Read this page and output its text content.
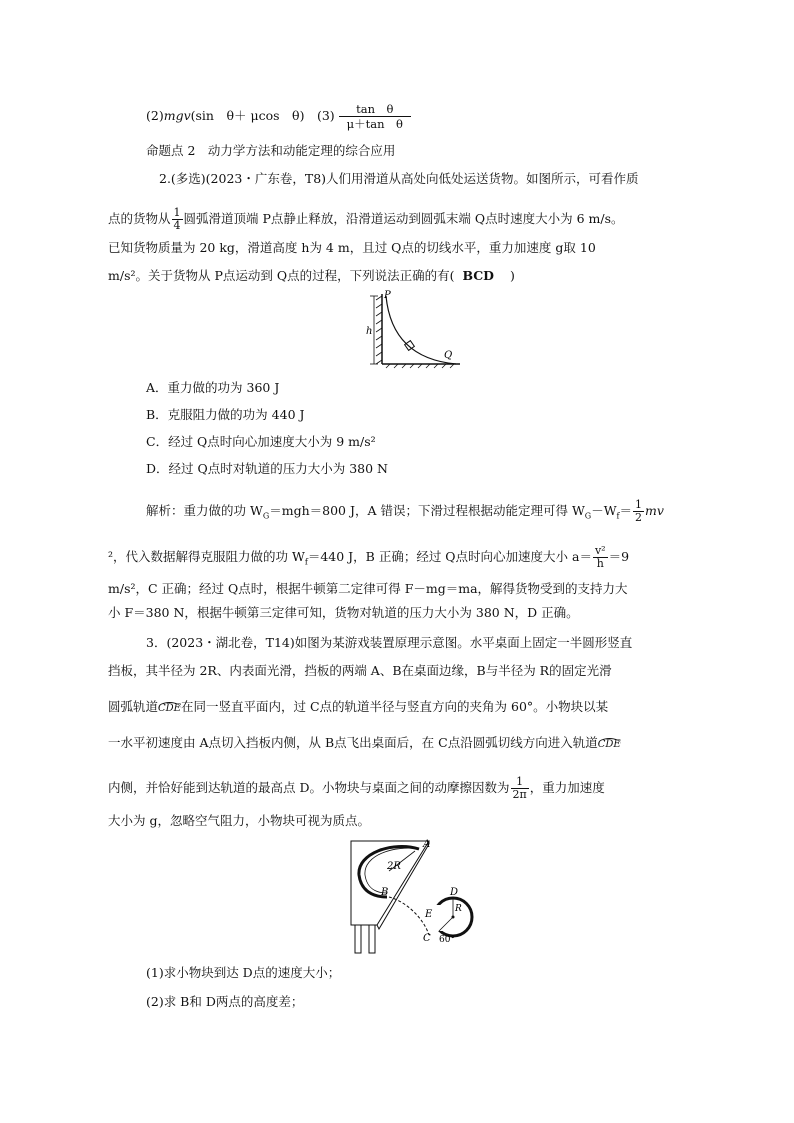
(2)mgv(sin　θ＋ μcos　θ)　$(3) \frac{\text{tan　θ}}{\text{μ＋tan　θ}}$
命题点 2　动力学方法和动能定理的综合应用
2.(多选)(2023・广东卷，T8)人们用滑道从高处向低处运送货物。如图所示，可看作质
点的货物从 $\frac{1}{4}$ 圆弧滑道顶端 P点静止释放，沿滑道运动到圆弧末端 Q点时速度大小为 6 m/s。
已知货物质量为 20 kg，滑道高度 h为 4 m，且过 Q点的切线水平，重力加速度 g取 10
m/s²。关于货物从 P点运动到 Q点的过程，下列说法正确的有( BCD )
P
h
Q
A．重力做的功为 360 J
B．克服阻力做的功为 440 J
C．经过 Q点时向心加速度大小为 9 m/s²
D．经过 Q点时对轨道的压力大小为 380 N
解析：重力做的功 $W_G=mgh=800$ J，A 错误；下滑过程根据动能定理可得 $W_G-W_f= \frac{1}{2}$ mv
²，代入数据解得克服阻力做的功 $W_f=440$ J，B 正确；经过 Q点时向心加速度大小 $a= \frac{\text{v²}}{h} =9$
m/s²，C 正确；经过 Q点时，根据牛顿第二定律可得 F－mg＝ma，解得货物受到的支持力大
小 F＝380 N，根据牛顿第三定律可知，货物对轨道的压力大小为 380 N，D 正确。
3．(2023・湖北卷，T14)如图为某游戏装置原理示意图。水平桌面上固定一半圆形竖直
挡板，其半径为 2R、内表面光滑，挡板的两端 A、B在桌面边缘，B与半径为 R的固定光滑
圆弧轨道CDE在同一竖直平面内，过 C点的轨道半径与竖直方向的夹角为 60°。小物块以某
一水平初速度由 A点切入挡板内侧，从 B点飞出桌面后，在 C点沿圆弧切线方向进入轨道CDE
内侧，并恰好能到达轨道的最高点 D。小物块与桌面之间的动摩擦因数为 $\frac{1}{2\pi}$ ，重力加速度
大小为 g，忽略空气阻力，小物块可视为质点。
A
2R
B	D
E	R
C 60°
(1)求小物块到达 D点的速度大小；
(2)求 B和 D两点的高度差；
